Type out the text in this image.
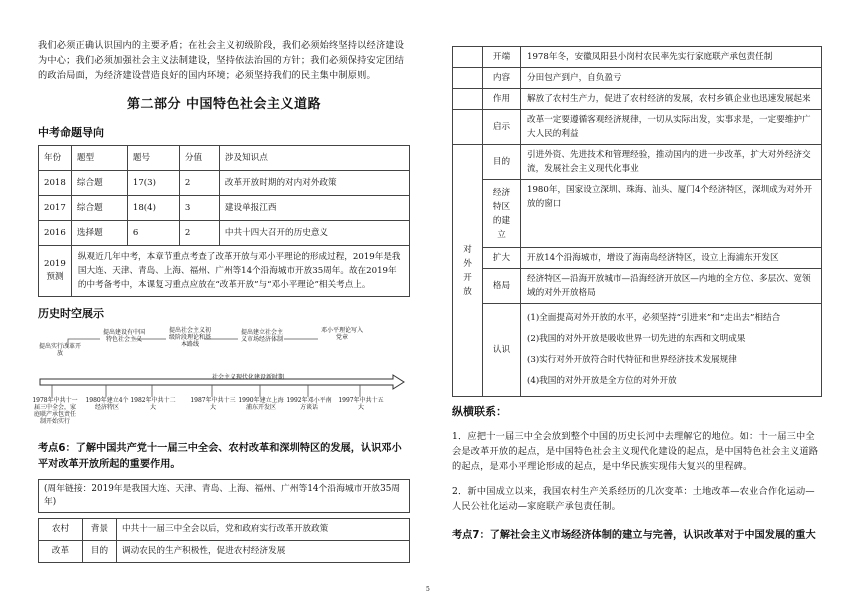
我们必须正确认识国内的主要矛盾；在社会主义初级阶段，我们必须始终坚持以经济建设为中心；我们必须加强社会主义法制建设，坚持依法治国的方针；我们必须保持安定团结的政治局面，为经济建设营造良好的国内环境；必须坚持我们的民主集中制原则。

第二部分 中国特色社会主义道路
中考命题导向
年份	题型	题号	分值	涉及知识点
2018	综合题	17(3)	2	改革开放时期的对内对外政策
2017	综合题	18(4)	3	建设单报江西
2016	选择题	6	2	中共十四大召开的历史意义
2019预测	纵观近几年中考，本章节重点考查了改革开放与邓小平理论的形成过程，2019年是我国大连、天津、青岛、上海、福州、广州等14个沿海城市开放35周年。故在2019年的中考备考中，本课复习重点应放在“改革开放”与“邓小平理论”相关考点上。			
历史时空展示
提出实行改革开放
提出建设有中国特色社会主义
提出社会主义初级阶段理论和基本路线
提出建立社会主义市场经济体制
邓小平理论写入党章
社会主义现代化建设新时期
1978年中共十一届三中全会，家庭联产承包责任制开始实行
1980年建立4个经济特区
1982年中共十二大
1987年中共十三大
1990年建立上海浦东开发区
1992年邓小平南方谈话
1997年中共十五大
考点6：了解中国共产党十一届三中全会、农村改革和深圳特区的发展，认识邓小平对改革开放所起的重要作用。
(周年链接：2019年是我国大连、天津、青岛、上海、福州、广州等14个沿海城市开放35周年)
农村	背景	中共十一届三中全会以后，党和政府实行改革开放政策
改革	目的	调动农民的生产积极性，促进农村经济发展
	开端	1978年冬，安徽凤阳县小岗村农民率先实行家庭联产承包责任制
	内容	分田包产到户，自负盈亏
	作用	解放了农村生产力，促进了农村经济的发展，农村乡镇企业也迅速发展起来
	启示	改革一定要遵循客观经济规律，一切从实际出发，实事求是，一定要维护广大人民的利益
对外开放	目的	引进外资、先进技术和管理经验，推动国内的进一步改革，扩大对外经济交流，发展社会主义现代化事业
	经济特区的建立	1980年，国家设立深圳、珠海、汕头、厦门4个经济特区，深圳成为对外开放的窗口
	扩大	开放14个沿海城市，增设了海南岛经济特区，设立上海浦东开发区
	格局	经济特区—沿海开放城市—沿海经济开放区—内地的全方位、多层次、宽领域的对外开放格局
	认识	(1)全面提高对外开放的水平，必须坚持“引进来”和“走出去”相结合
(2)我国的对外开放是吸收世界一切先进的东西和文明成果
(3)实行对外开放符合时代特征和世界经济技术发展规律
(4)我国的对外开放是全方位的对外开放
纵横联系：

1．应把十一届三中全会放到整个中国的历史长河中去理解它的地位。如：十一届三中全会是改革开放的起点，是中国特色社会主义现代化建设的起点，是中国特色社会主义道路的起点，是邓小平理论形成的起点，是中华民族实现伟大复兴的里程碑。

2．新中国成立以来，我国农村生产关系经历的几次变革：土地改革—农业合作化运动—人民公社化运动—家庭联产承包责任制。

考点7：了解社会主义市场经济体制的建立与完善，认识改革对于中国发展的重大
5
